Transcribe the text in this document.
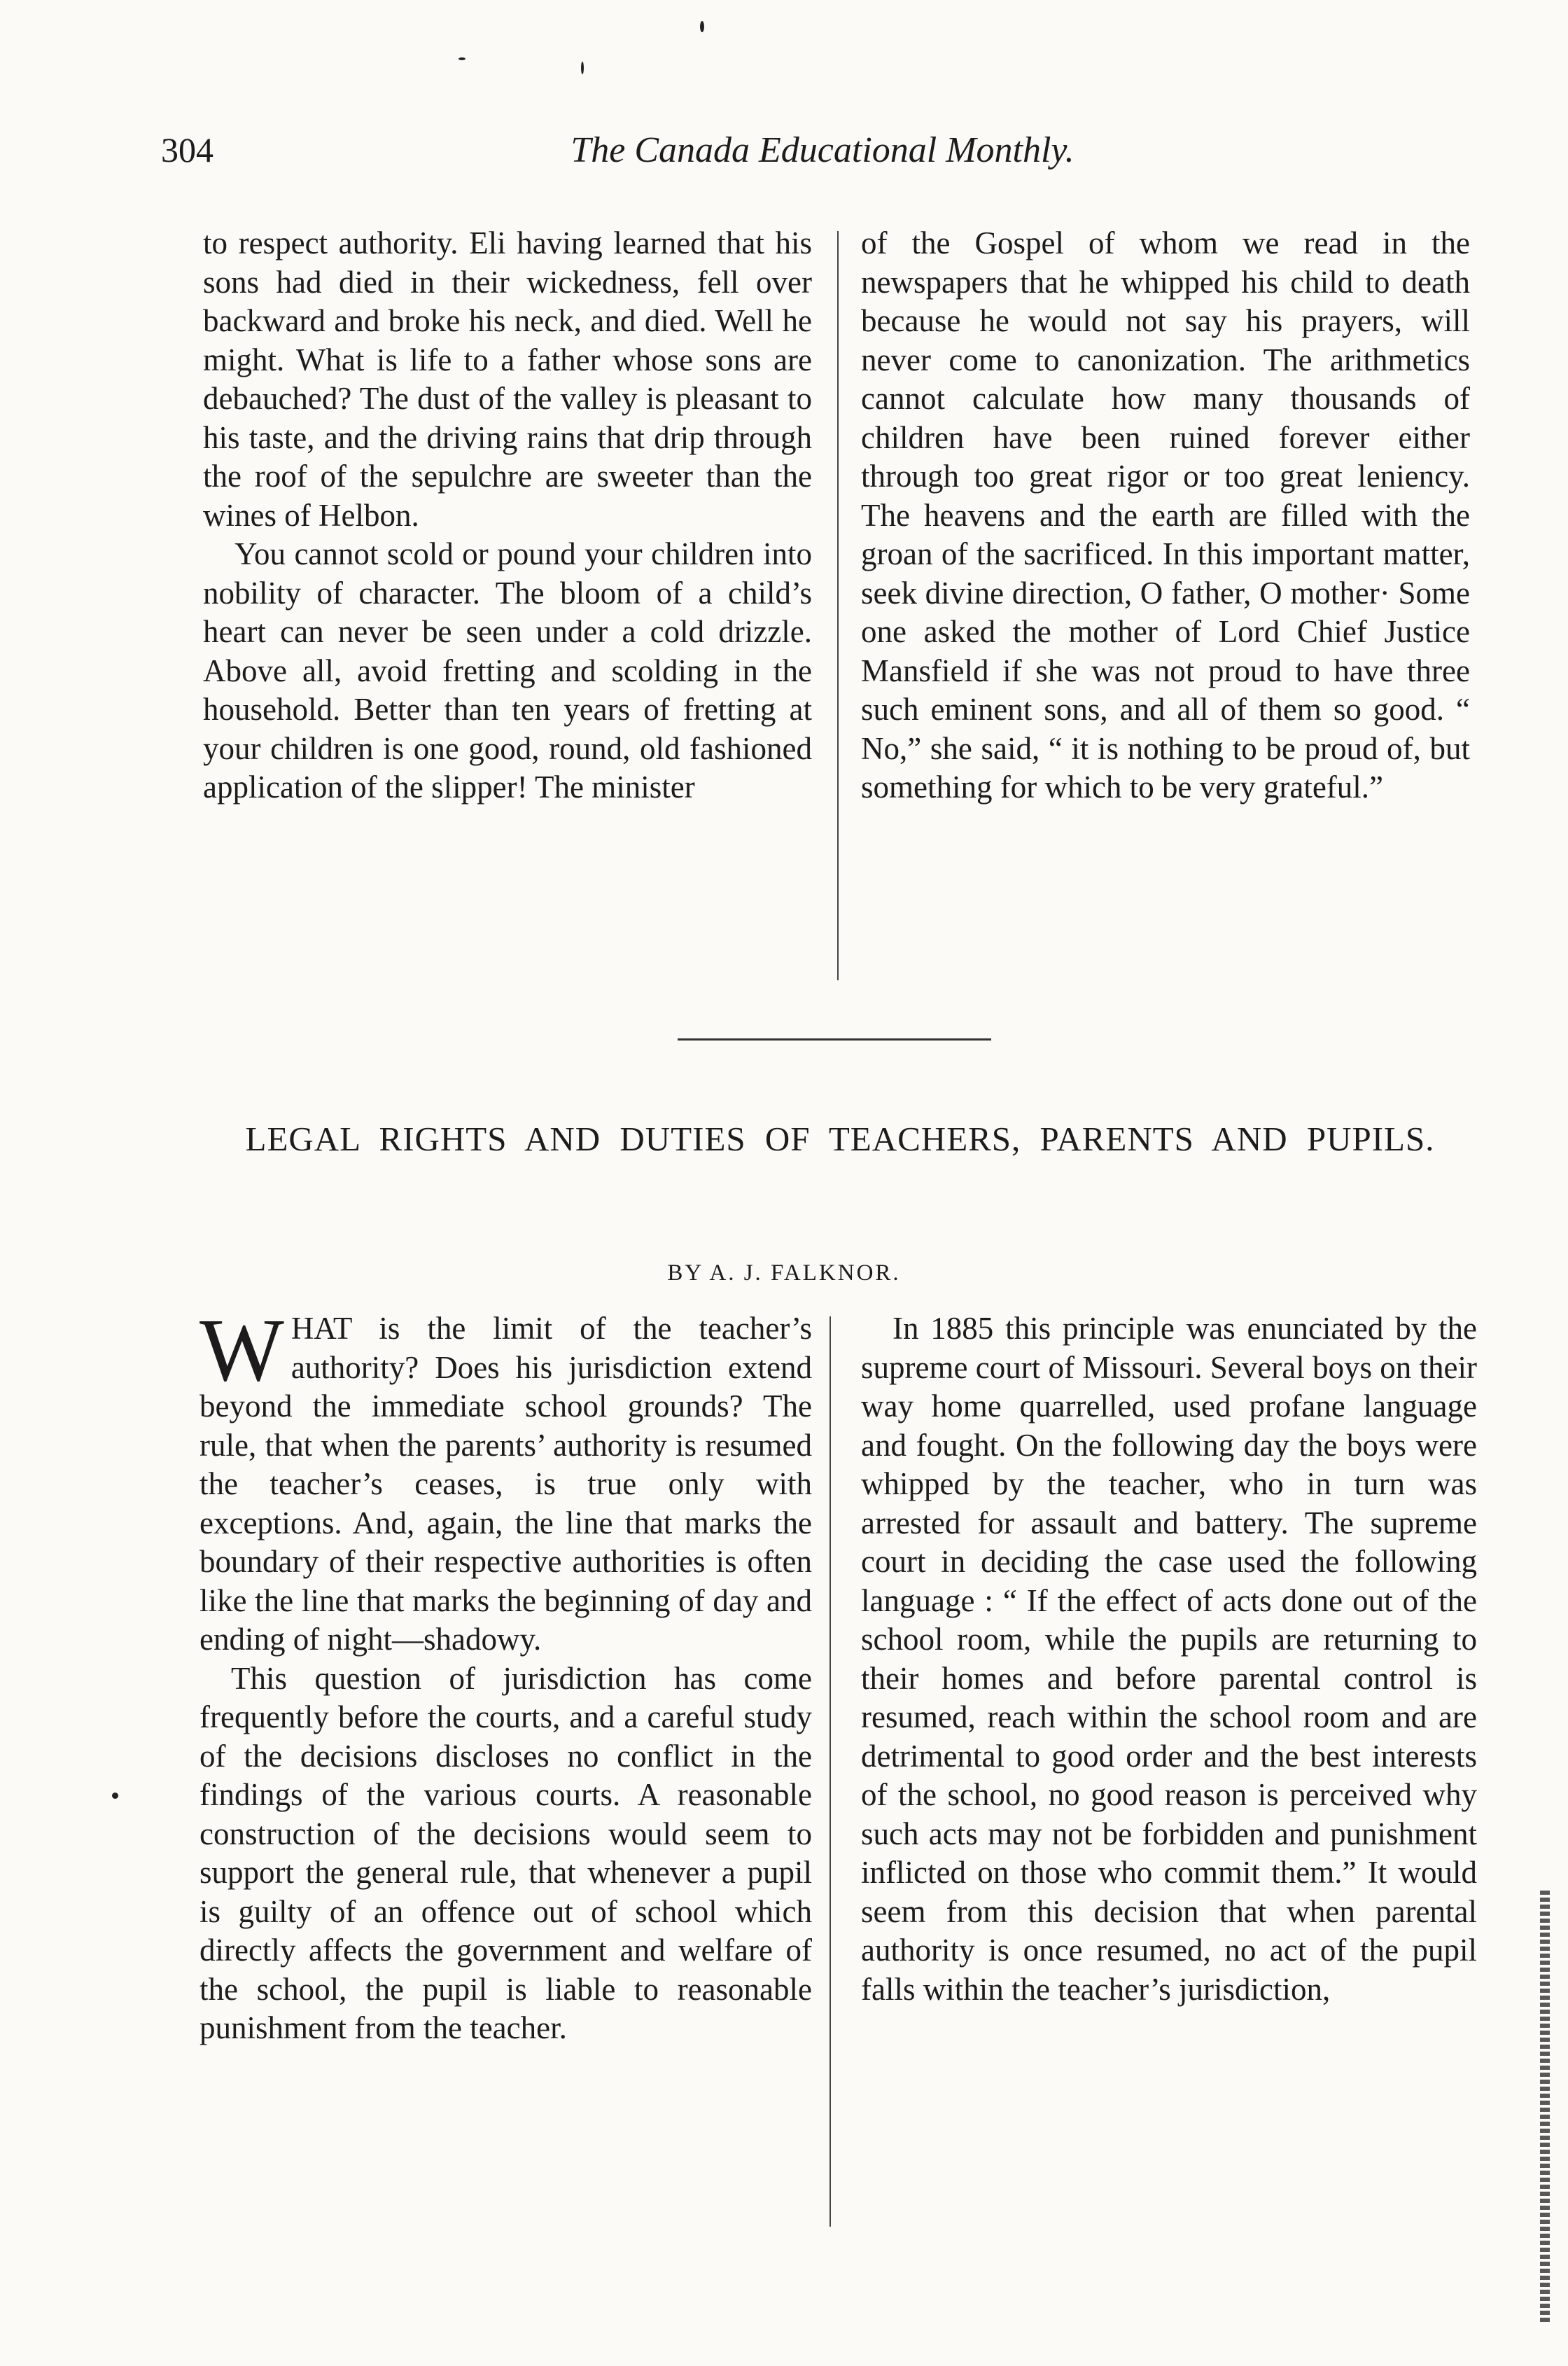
304	The Canada Educational Monthly.

to respect authority. Eli having learned that his sons had died in their wickedness, fell over backward and broke his neck, and died. Well he might. What is life to a father whose sons are debauched? The dust of the valley is pleasant to his taste, and the driving rains that drip through the roof of the sepulchre are sweeter than the wines of Helbon.

You cannot scold or pound your children into nobility of character. The bloom of a child’s heart can never be seen under a cold drizzle. Above all, avoid fretting and scolding in the household. Better than ten years of fretting at your children is one good, round, old fashioned application of the slipper! The minister

of the Gospel of whom we read in the newspapers that he whipped his child to death because he would not say his prayers, will never come to canonization. The arithmetics cannot calculate how many thousands of children have been ruined forever either through too great rigor or too great leniency. The heavens and the earth are filled with the groan of the sacrificed. In this important matter, seek divine direction, O father, O mother· Some one asked the mother of Lord Chief Justice Mansfield if she was not proud to have three such eminent sons, and all of them so good. “ No,” she said, “ it is nothing to be proud of, but something for which to be very grateful.”

LEGAL RIGHTS AND DUTIES OF TEACHERS, PARENTS AND PUPILS.
BY A. J. FALKNOR.

WHAT is the limit of the teacher’s authority? Does his jurisdiction extend beyond the immediate school grounds? The rule, that when the parents’ authority is resumed the teacher’s ceases, is true only with exceptions. And, again, the line that marks the boundary of their respective authorities is often like the line that marks the beginning of day and ending of night—shadowy.

This question of jurisdiction has come frequently before the courts, and a careful study of the decisions discloses no conflict in the findings of the various courts. A reasonable construction of the decisions would seem to support the general rule, that whenever a pupil is guilty of an offence out of school which directly affects the government and welfare of the school, the pupil is liable to reasonable punishment from the teacher.

In 1885 this principle was enunciated by the supreme court of Missouri. Several boys on their way home quarrelled, used profane language and fought. On the following day the boys were whipped by the teacher, who in turn was arrested for assault and battery. The supreme court in deciding the case used the following language : “ If the effect of acts done out of the school room, while the pupils are returning to their homes and before parental control is resumed, reach within the school room and are detrimental to good order and the best interests of the school, no good reason is perceived why such acts may not be forbidden and punishment inflicted on those who commit them.” It would seem from this decision that when parental authority is once resumed, no act of the pupil falls within the teacher’s jurisdiction,
